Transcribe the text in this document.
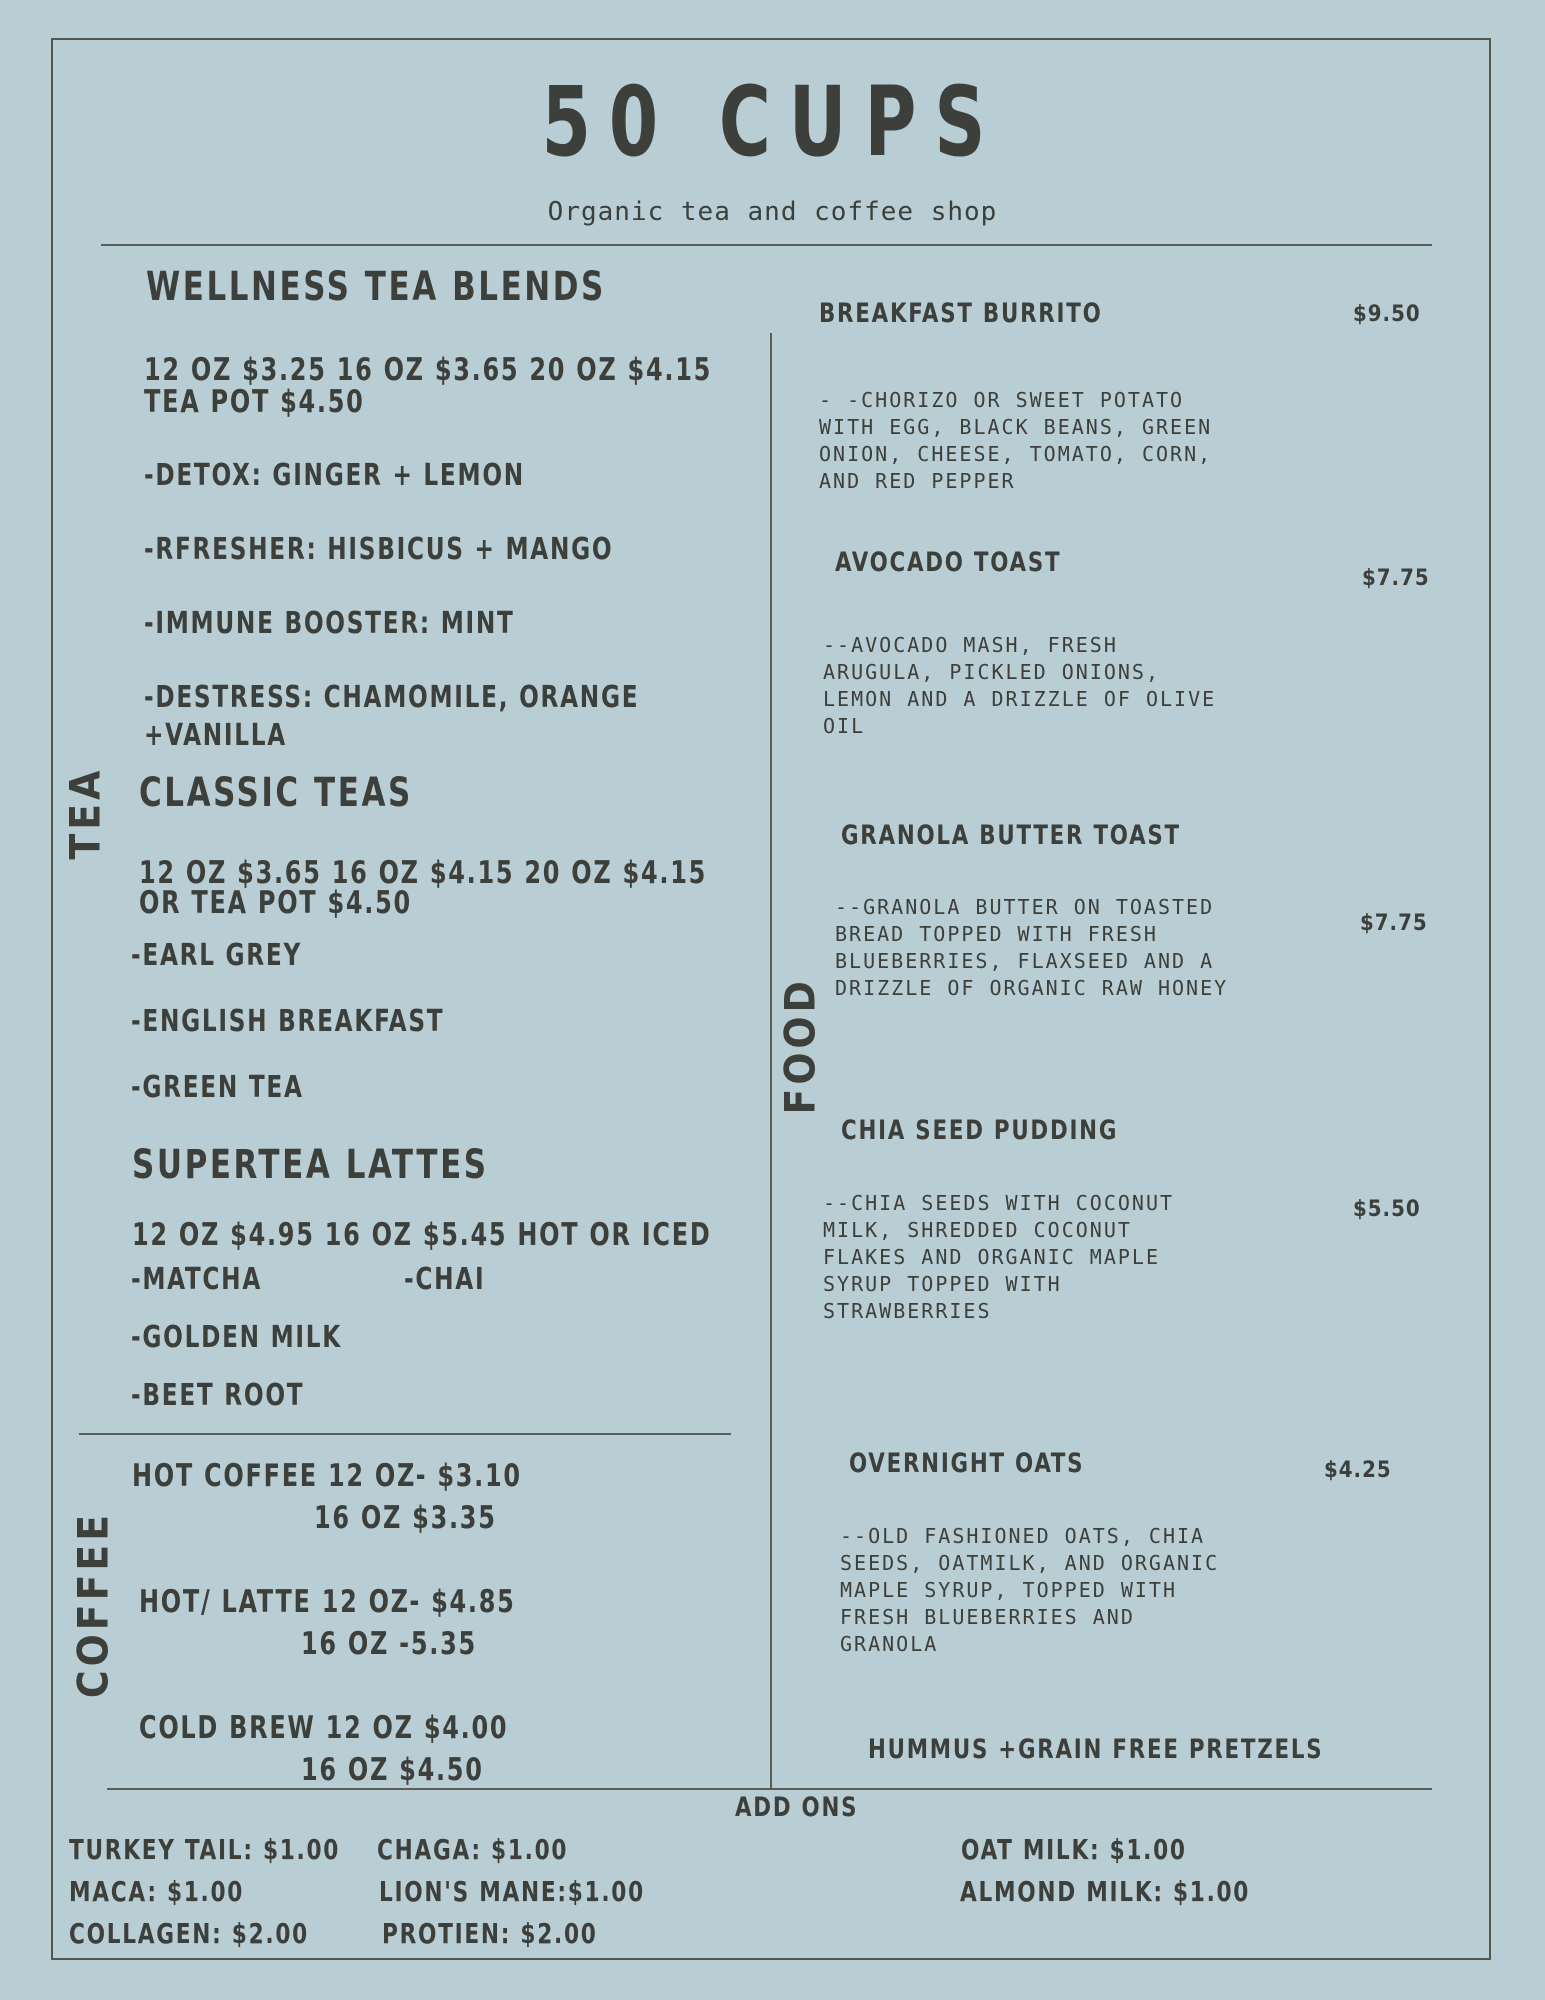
50 CUPS
Organic tea and coffee shop
TEA
COFFEE
FOOD
WELLNESS TEA BLENDS
12 OZ $3.25 16 OZ $3.65 20 OZ $4.15
TEA POT $4.50
-DETOX: GINGER + LEMON
-RFRESHER: HISBICUS + MANGO
-IMMUNE BOOSTER: MINT
-DESTRESS: CHAMOMILE, ORANGE
+VANILLA
CLASSIC TEAS
12 OZ $3.65 16 OZ $4.15 20 OZ $4.15
OR TEA POT $4.50
-EARL GREY
-ENGLISH BREAKFAST
-GREEN TEA
SUPERTEA LATTES
12 OZ $4.95 16 OZ $5.45 HOT OR ICED
-MATCHA	-CHAI
-GOLDEN MILK
-BEET ROOT
HOT COFFEE 12 OZ- $3.10
16 OZ $3.35
HOT/ LATTE 12 OZ- $4.85
16 OZ -5.35
COLD BREW 12 OZ $4.00
16 OZ $4.50
BREAKFAST BURRITO	$9.50
- -CHORIZO OR SWEET POTATO
WITH EGG, BLACK BEANS, GREEN
ONION, CHEESE, TOMATO, CORN,
AND RED PEPPER
AVOCADO TOAST
$7.75
--AVOCADO MASH, FRESH
ARUGULA, PICKLED ONIONS,
LEMON AND A DRIZZLE OF OLIVE
OIL
GRANOLA BUTTER TOAST
$7.75
--GRANOLA BUTTER ON TOASTED
BREAD TOPPED WITH FRESH
BLUEBERRIES, FLAXSEED AND A
DRIZZLE OF ORGANIC RAW HONEY
CHIA SEED PUDDING
$5.50
--CHIA SEEDS WITH COCONUT
MILK, SHREDDED COCONUT
FLAKES AND ORGANIC MAPLE
SYRUP TOPPED WITH
STRAWBERRIES
OVERNIGHT OATS	$4.25
--OLD FASHIONED OATS, CHIA
SEEDS, OATMILK, AND ORGANIC
MAPLE SYRUP, TOPPED WITH
FRESH BLUEBERRIES AND
GRANOLA
HUMMUS +GRAIN FREE PRETZELS
ADD ONS
TURKEY TAIL: $1.00 CHAGA: $1.00	OAT MILK: $1.00
MACA: $1.00	LION'S MANE:$1.00	ALMOND MILK: $1.00
COLLAGEN: $2.00	PROTIEN: $2.00
